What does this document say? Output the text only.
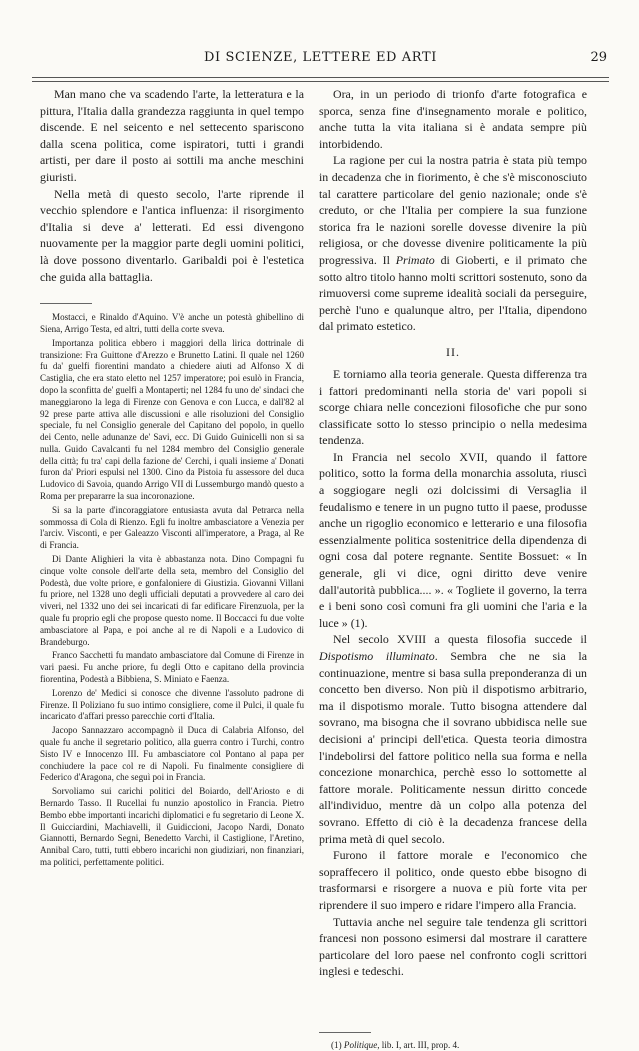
DI SCIENZE, LETTERE ED ARTI	29

Man mano che va scadendo l'arte, la letteratura e la pittura, l'Italia dalla grandezza raggiunta in quel tempo discende. E nel seicento e nel settecento spariscono dalla scena politica, come ispiratori, tutti i grandi artisti, per dare il posto ai sottili ma anche meschini giuristi.

Nella metà di questo secolo, l'arte riprende il vecchio splendore e l'antica influenza: il risorgimento d'Italia si deve a' letterati. Ed essi divengono nuovamente per la maggior parte degli uomini politici, là dove possono diventarlo. Garibaldi poi è l'estetica che guida alla battaglia.

Mostacci, e Rinaldo d'Aquino. V'è anche un potestà ghibellino di Siena, Arrigo Testa, ed altri, tutti della corte sveva.

Importanza politica ebbero i maggiori della lirica dottrinale di transizione: Fra Guittone d'Arezzo e Brunetto Latini. Il quale nel 1260 fu da' guelfi fiorentini mandato a chiedere aiuti ad Alfonso X di Castiglia, che era stato eletto nel 1257 imperatore; poi esulò in Francia, dopo la sconfitta de' guelfi a Montaperti; nel 1284 fu uno de' sindaci che maneggiarono la lega di Firenze con Genova e con Lucca, e dall'82 al 92 prese parte attiva alle discussioni e alle risoluzioni del Consiglio speciale, fu nel Consiglio generale del Capitano del popolo, in quello dei Cento, nelle adunanze de' Savi, ecc. Di Guido Guinicelli non si sa nulla. Guido Cavalcanti fu nel 1284 membro del Consiglio generale della città; fu tra' capi della fazione de' Cerchi, i quali insieme a' Donati furon da' Priori espulsi nel 1300. Cino da Pistoia fu assessore del duca Ludovico di Savoia, quando Arrigo VII di Lussemburgo mandò questo a Roma per prepararre la sua incoronazione.

Si sa la parte d'incoraggiatore entusiasta avuta dal Petrarca nella sommossa di Cola di Rienzo. Egli fu inoltre ambasciatore a Venezia per l'arciv. Visconti, e per Galeazzo Visconti all'imperatore, a Praga, al Re di Francia.

Di Dante Alighieri la vita è abbastanza nota. Dino Compagni fu cinque volte console dell'arte della seta, membro del Consiglio del Podestà, due volte priore, e gonfaloniere di Giustizia. Giovanni Villani fu priore, nel 1328 uno degli ufficiali deputati a provvedere al caro dei viveri, nel 1332 uno dei sei incaricati di far edificare Firenzuola, per la quale fu proprio egli che propose questo nome. Il Boccacci fu due volte ambasciatore al Papa, e poi anche al re di Napoli e a Ludovico di Brandeburgo.

Franco Sacchetti fu mandato ambasciatore dal Comune di Firenze in vari paesi. Fu anche priore, fu degli Otto e capitano della provincia fiorentina, Podestà a Bibbiena, S. Miniato e Faenza.

Lorenzo de' Medici si conosce che divenne l'assoluto padrone di Firenze. Il Poliziano fu suo intimo consigliere, come il Pulci, il quale fu incaricato d'affari presso parecchie corti d'Italia.

Jacopo Sannazzaro accompagnò il Duca di Calabria Alfonso, del quale fu anche il segretario politico, alla guerra contro i Turchi, contro Sisto IV e Innocenzo III. Fu ambasciatore col Pontano al papa per conchiudere la pace col re di Napoli. Fu finalmente consigliere di Federico d'Aragona, che seguì poi in Francia.

Sorvoliamo sui carichi politici del Boiardo, dell'Ariosto e di Bernardo Tasso. Il Rucellai fu nunzio apostolico in Francia. Pietro Bembo ebbe importanti incarichi diplomatici e fu segretario di Leone X. Il Guicciardini, Machiavelli, il Guidiccioni, Jacopo Nardi, Donato Giannotti, Bernardo Segni, Benedetto Varchi, il Castiglione, l'Aretino, Annibal Caro, tutti, tutti ebbero incarichi non giudiziari, non finanziari, ma politici, perfettamente politici.

Ora, in un periodo di trionfo d'arte fotografica e sporca, senza fine d'insegnamento morale e politico, anche tutta la vita italiana si è andata sempre più intorbidendo.

La ragione per cui la nostra patria è stata più tempo in decadenza che in fiorimento, è che s'è misconosciuto tal carattere particolare del genio nazionale; onde s'è creduto, or che l'Italia per compiere la sua funzione storica fra le nazioni sorelle dovesse divenire la più religiosa, or che dovesse divenire politicamente la più progressiva. Il Primato di Gioberti, e il primato che sotto altro titolo hanno molti scrittori sostenuto, sono da rimuoversi come supreme idealità sociali da perseguire, perchè l'uno e qualunque altro, per l'Italia, dipendono dal primato estetico.

II.

E torniamo alla teoria generale. Questa differenza tra i fattori predominanti nella storia de' vari popoli si scorge chiara nelle concezioni filosofiche che pur sono classificate sotto lo stesso principio o nella medesima tendenza.

In Francia nel secolo XVII, quando il fattore politico, sotto la forma della monarchia assoluta, riuscì a soggiogare negli ozi dolcissimi di Versaglia il feudalismo e tenere in un pugno tutto il paese, produsse anche un rigoglio economico e letterario e una filosofia essenzialmente politica sostenitrice della dipendenza di ogni cosa dal potere regnante. Sentite Bossuet: « In generale, gli vi dice, ogni diritto deve venire dall'autorità pubblica.... ». « Togliete il governo, la terra e i beni sono così comuni fra gli uomini che l'aria e la luce » (1).

Nel secolo XVIII a questa filosofia succede il Dispotismo illuminato. Sembra che ne sia la continuazione, mentre si basa sulla preponderanza di un concetto ben diverso. Non più il dispotismo arbitrario, ma il dispotismo morale. Tutto bisogna attendere dal sovrano, ma bisogna che il sovrano ubbidisca nelle sue decisioni a' principi dell'etica. Questa teoria dimostra l'indebolirsi del fattore politico nella sua forma e nella concezione monarchica, perchè esso lo sottomette al fattore morale. Politicamente nessun diritto concede all'individuo, mentre dà un colpo alla potenza del sovrano. Effetto di ciò è la decadenza francese della prima metà di quel secolo.

Furono il fattore morale e l'economico che sopraffecero il politico, onde questo ebbe bisogno di trasformarsi e risorgere a nuova e più forte vita per riprendere il suo impero e ridare l'impero alla Francia.

Tuttavia anche nel seguire tale tendenza gli scrittori francesi non possono esimersi dal mostrare il carattere particolare del loro paese nel confronto cogli scrittori inglesi e tedeschi.

(1) Politique, lib. I, art. III, prop. 4.
